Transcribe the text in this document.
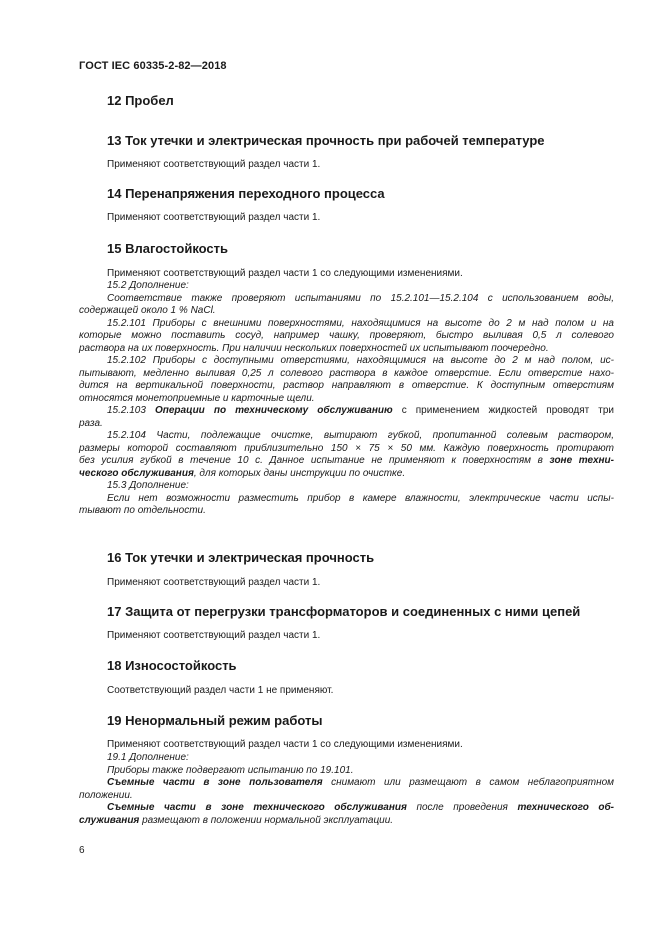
ГОСТ IEC 60335-2-82—2018
12 Пробел
13 Ток утечки и электрическая прочность при рабочей температуре
Применяют соответствующий раздел части 1.
14 Перенапряжения переходного процесса
Применяют соответствующий раздел части 1.
15 Влагостойкость
Применяют соответствующий раздел части 1 со следующими изменениями.
15.2 Дополнение:
Соответствие также проверяют испытаниями по 15.2.101—15.2.104 с использованием воды,
содержащей около 1 % NaCl.
15.2.101 Приборы с внешними поверхностями, находящимися на высоте до 2 м над полом и на
которые можно поставить сосуд, например чашку, проверяют, быстро выливая 0,5 л солевого
раствора на их поверхность. При наличии нескольких поверхностей их испытывают поочередно.
15.2.102 Приборы с доступными отверстиями, находящимися на высоте до 2 м над полом, ис-
пытывают, медленно выливая 0,25 л солевого раствора в каждое отверстие. Если отверстие нахо-
дится на вертикальной поверхности, раствор направляют в отверстие. К доступным отверстиям
относятся монетоприемные и карточные щели.
15.2.103 Операции по техническому обслуживанию с применением жидкостей проводят три
раза.
15.2.104 Части, подлежащие очистке, вытирают губкой, пропитанной солевым раствором,
размеры которой составляют приблизительно 150 × 75 × 50 мм. Каждую поверхность протирают
без усилия губкой в течение 10 с. Данное испытание не применяют к поверхностям в зоне техни-
ческого обслуживания, для которых даны инструкции по очистке.
15.3 Дополнение:
Если нет возможности разместить прибор в камере влажности, электрические части испы-
тывают по отдельности.
16 Ток утечки и электрическая прочность
Применяют соответствующий раздел части 1.
17 Защита от перегрузки трансформаторов и соединенных с ними цепей
Применяют соответствующий раздел части 1.
18 Износостойкость
Соответствующий раздел части 1 не применяют.
19 Ненормальный режим работы
Применяют соответствующий раздел части 1 со следующими изменениями.
19.1 Дополнение:
Приборы также подвергают испытанию по 19.101.
Съемные части в зоне пользователя снимают или размещают в самом неблагоприятном
положении.
Съемные части в зоне технического обслуживания после проведения технического об-
служивания размещают в положении нормальной эксплуатации.
6
